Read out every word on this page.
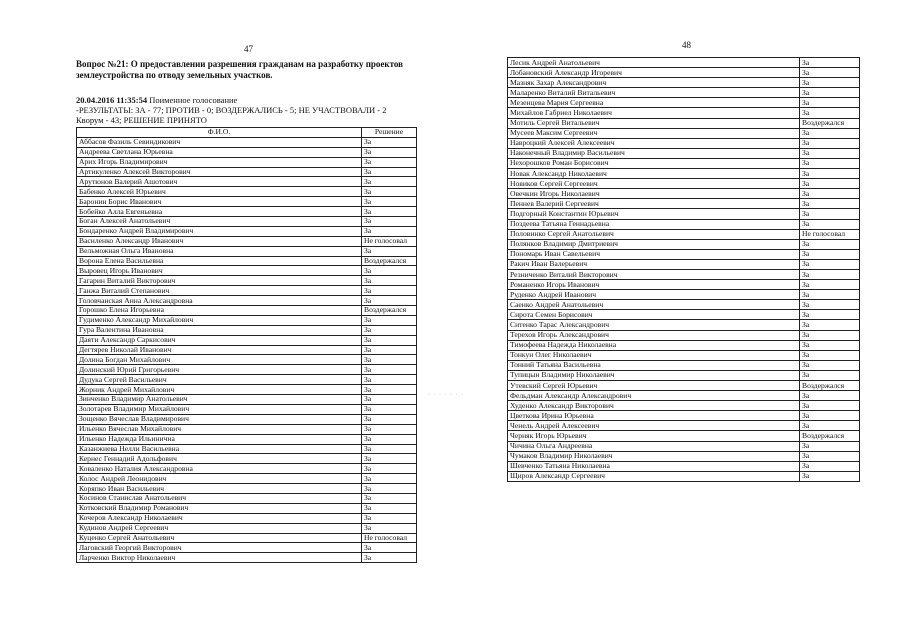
47	48
Вопрос №21: О предоставлении разрешения гражданам на разработку проектов землеустройства по отводу земельных участков.
20.04.2016 11:35:54 Поименное голосование
-РЕЗУЛЬТАТЫ: ЗА - 77; ПРОТИВ - 0; ВОЗДЕРЖАЛИСЬ - 5; НЕ УЧАСТВОВАЛИ - 2
Кворум - 43; РЕШЕНИЕ ПРИНЯТО
Ф.И.О.	Решение
Аббасов Фазиль Севиндикович	За
Андреева Светлана Юрьевна	За
Арих Игорь Владимирович	За
Артикуленко Алексей Викторович	За
Арутюнов Валерий Ашотович	За
Бабенко Алексей Юрьевич	За
Баронин Борис Иванович	За
Бобейко Алла Евгеньевна	За
Боган Алексей Анатольевич	За
Бондаренко Андрей Владимирович	За
Василенко Александр Иванович	Не голосовал
Вельможная Ольга Ивановна	За
Ворона Елена Васильевна	Воздержался
Выровец Игорь Иванович	За
Гагарин Виталий Викторович	За
Ганжа Виталий Степанович	За
Головчанская Анна Александровна	За
Горошко Елена Игорьевна	Воздержался
Гудименко Александр Михайлович	За
Гура Валентина Ивановна	За
Даяти Александр Саркисович	За
Дегтярев Николай Иванович	За
Долина Богдан Михайлович	За
Долинский Юрий Григорьевич	За
Дудука Сергей Васильевич	За
Жорник Андрей Михайлович	За
Зинченко Владимир Анатольевич	За
Золотарев Владимир Михайлович	За
Зощенко Вячеслав Владимирович	За
Ильенко Вячеслав Михайлович	За
Ильенко Надежда Ильинична	За
Казанжиева Нелли Васильевна	За
Кернес Геннадий Адольфович	За
Коваленко Наталия Александровна	За
Колос Андрей Леонидович	За
Коряпко Иван Васильевич	За
Косинов Станислав Анатольевич	За
Котковский Владимир Романович	За
Кочеров Александр Николаевич	За
Кудинов Андрей Сергеевич	За
Куценко Сергей Анатольевич	Не голосовал
Лаговский Георгий Викторович	За
Ларченко Виктор Николаевич	За
· · · · · · ·
Лесик Андрей Анатольевич	За
Лобановский Александр Игоревич	За
Мазняк Захар Александрович	За
Маларенко Виталий Витальевич	За
Мезенцева Мария Сергеевна	За
Михайлов Габриел Николаевич	За
Мотиль Сергей Витальевич	Воздержался
Мусеев Максим Сергеевич	За
Навроцкий Алексей Алексеевич	За
Наконечный Владимир Васильевич	За
Нехорошков Роман Борисович	За
Новак Александр Николаевич	За
Новиков Сергей Сергеевич	За
Овечкин Игорь Николаевич	За
Пеннев Валерий Сергеевич	За
Подгорный Константин Юрьевич	За
Поздеева Татьяна Геннадьевна	За
Половинко Сергей Анатольевич	Не голосовал
Полянков Владимир Дмитриевич	За
Пономарь Иван Савельевич	За
Ракич Иван Валерьевич	За
Резниченко Виталий Викторович	За
Романенко Игорь Иванович	За
Руденко Андрей Иванович	За
Саенко Андрей Анатольевич	За
Сирота Семен Борисович	За
Ситенко Тарас Александрович	За
Терехов Игорь Александрович	За
Тимофеева Надежда Николаевна	За
Тонкун Олег Николаевич	За
Тонний Татьяна Васильевна	За
Тупицын Владимир Николаевич	За
Утевский Сергей Юрьевич	Воздержался
Фельдман Александр Александрович	За
Худенко Александр Викторович	За
Цветкова Ирина Юрьевна	За
Ченель Андрей Алексеевич	За
Черняк Игорь Юрьевич	Воздержался
Чичина Ольга Андреевна	За
Чумаков Владимир Николаевич	За
Шевченко Татьяна Николаевна	За
Щиров Александр Сергеевич	За
